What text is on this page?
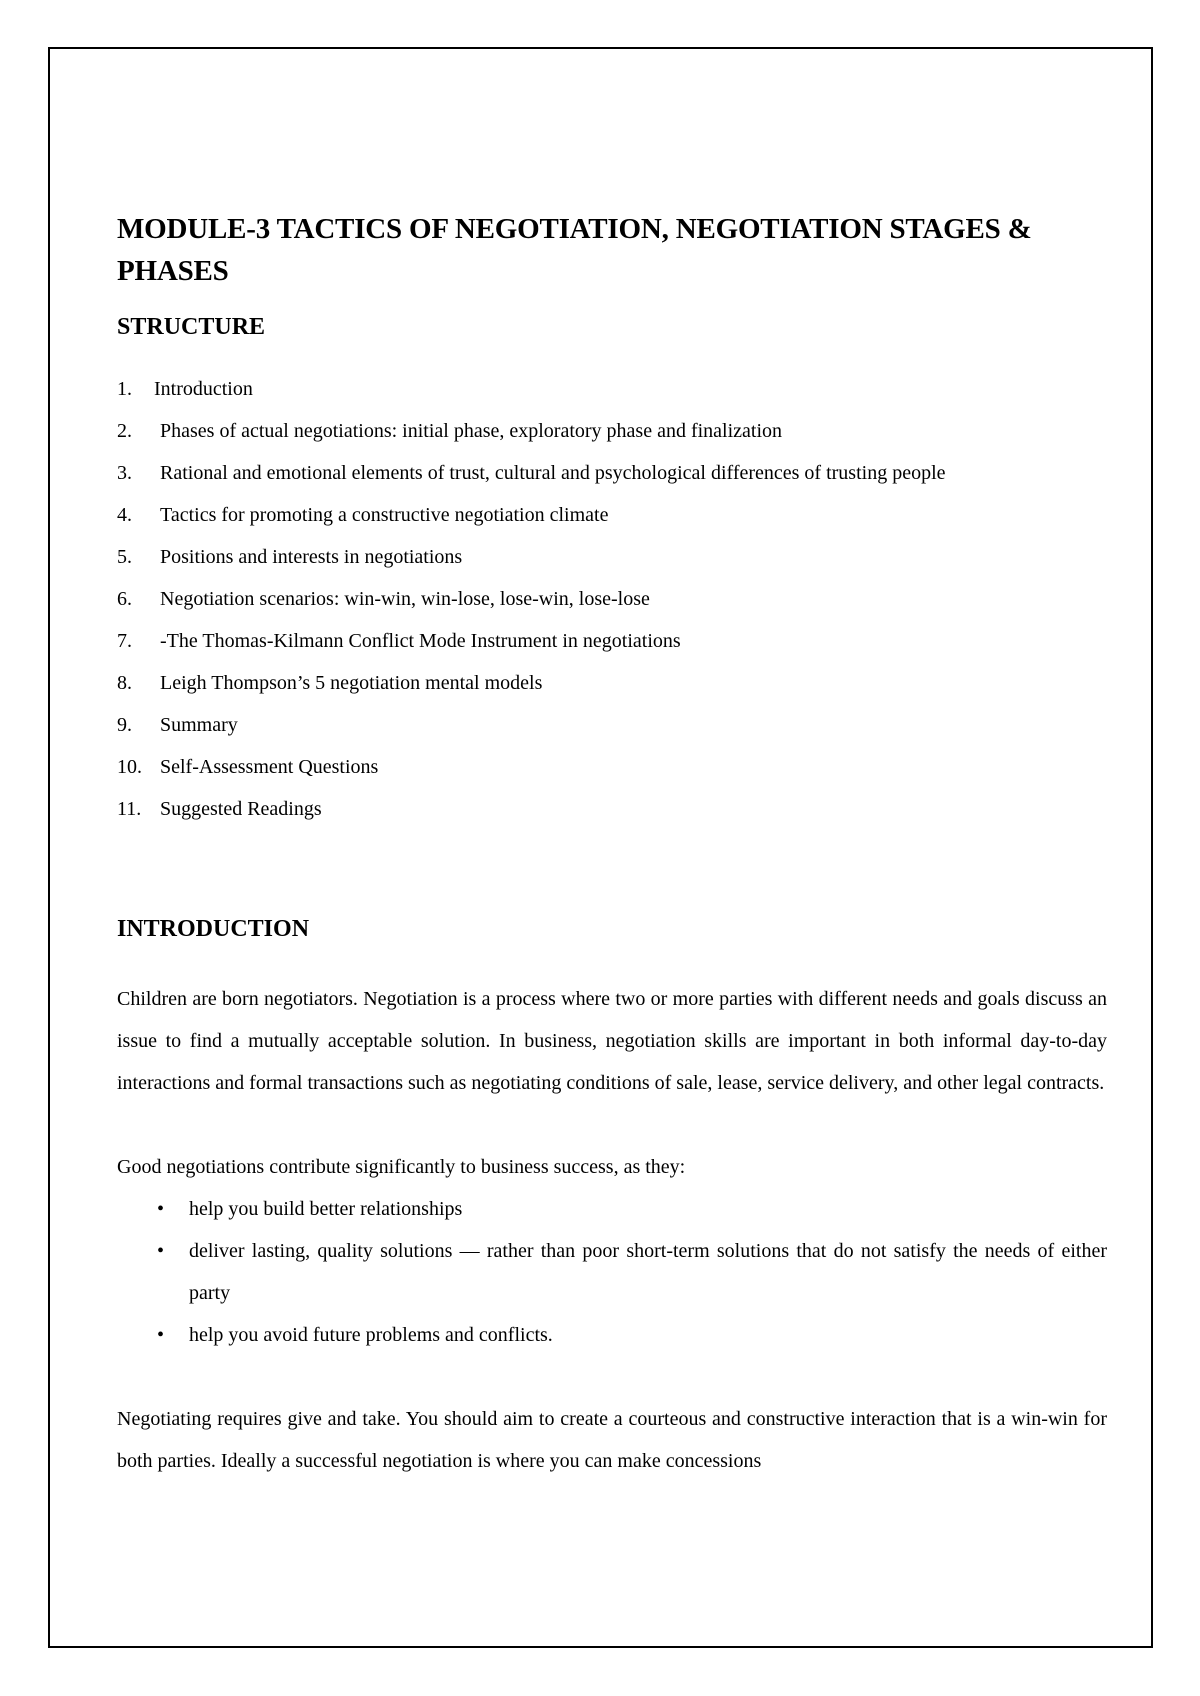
MODULE-3 TACTICS OF NEGOTIATION, NEGOTIATION STAGES & PHASES
STRUCTURE
1. Introduction
2. Phases of actual negotiations: initial phase, exploratory phase and finalization
3. Rational and emotional elements of trust, cultural and psychological differences of trusting people
4. Tactics for promoting a constructive negotiation climate
5. Positions and interests in negotiations
6. Negotiation scenarios: win-win, win-lose, lose-win, lose-lose
7. -The Thomas-Kilmann Conflict Mode Instrument in negotiations
8. Leigh Thompson’s 5 negotiation mental models
9. Summary
10. Self-Assessment Questions
11. Suggested Readings
INTRODUCTION

Children are born negotiators. Negotiation is a process where two or more parties with different needs and goals discuss an issue to find a mutually acceptable solution. In business, negotiation skills are important in both informal day-to-day interactions and formal transactions such as negotiating conditions of sale, lease, service delivery, and other legal contracts.

Good negotiations contribute significantly to business success, as they:

• help you build better relationships
• deliver lasting, quality solutions — rather than poor short-term solutions that do not satisfy the needs of either party
• help you avoid future problems and conflicts.

Negotiating requires give and take. You should aim to create a courteous and constructive interaction that is a win-win for both parties. Ideally a successful negotiation is where you can make concessions
